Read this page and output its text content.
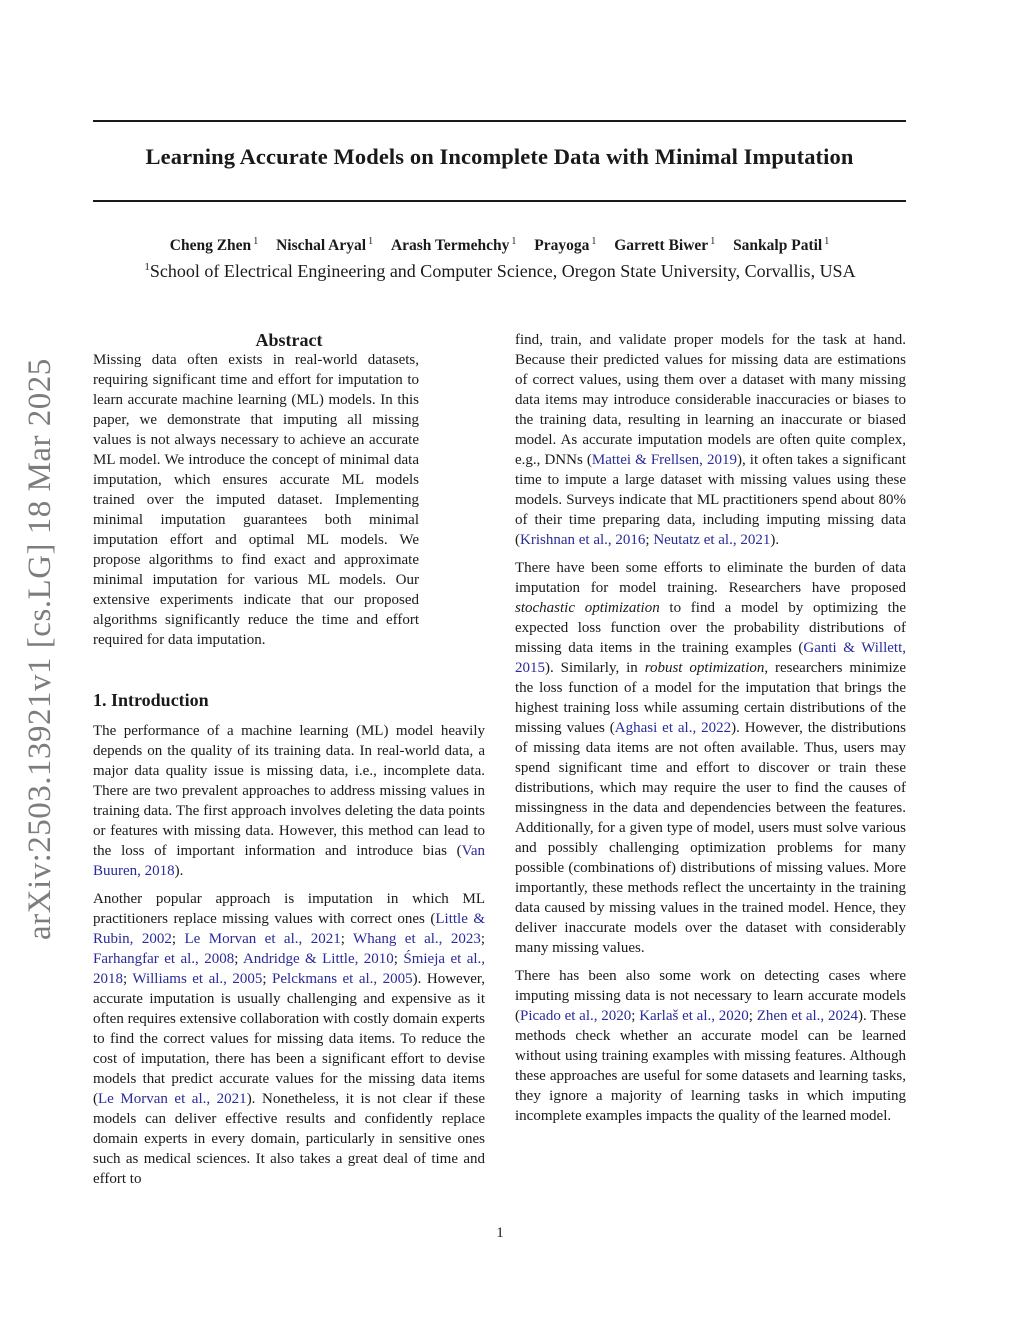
Learning Accurate Models on Incomplete Data with Minimal Imputation
Cheng Zhen $^1$ Nischal Aryal $^1$ Arash Termehchy $^1$ Prayoga $^1$ Garrett Biwer $^1$ Sankalp Patil $^1$
$^1$School of Electrical Engineering and Computer Science, Oregon State University, Corvallis, USA
arXiv:2503.13921v1 [cs.LG] 18 Mar 2025
Abstract

Missing data often exists in real-world datasets, requiring significant time and effort for imputation to learn accurate machine learning (ML) models. In this paper, we demonstrate that imputing all missing values is not always necessary to achieve an accurate ML model. We introduce the concept of minimal data imputation, which ensures accurate ML models trained over the imputed dataset. Implementing minimal imputation guarantees both minimal imputation effort and optimal ML models. We propose algorithms to find exact and approximate minimal imputation for various ML models. Our extensive experiments indicate that our proposed algorithms significantly reduce the time and effort required for data imputation.

1. Introduction

The performance of a machine learning (ML) model heavily depends on the quality of its training data. In real-world data, a major data quality issue is missing data, i.e., incomplete data. There are two prevalent approaches to address missing values in training data. The first approach involves deleting the data points or features with missing data. However, this method can lead to the loss of important information and introduce bias (Van Buuren, 2018).

Another popular approach is imputation in which ML practitioners replace missing values with correct ones (Little & Rubin, 2002; Le Morvan et al., 2021; Whang et al., 2023; Farhangfar et al., 2008; Andridge & Little, 2010; Śmieja et al., 2018; Williams et al., 2005; Pelckmans et al., 2005). However, accurate imputation is usually challenging and expensive as it often requires extensive collaboration with costly domain experts to find the correct values for missing data items. To reduce the cost of imputation, there has been a significant effort to devise models that predict accurate values for the missing data items (Le Morvan et al., 2021). Nonetheless, it is not clear if these models can deliver effective results and confidently replace domain experts in every domain, particularly in sensitive ones such as medical sciences. It also takes a great deal of time and effort to

find, train, and validate proper models for the task at hand. Because their predicted values for missing data are estimations of correct values, using them over a dataset with many missing data items may introduce considerable inaccuracies or biases to the training data, resulting in learning an inaccurate or biased model. As accurate imputation models are often quite complex, e.g., DNNs (Mattei & Frellsen, 2019), it often takes a significant time to impute a large dataset with missing values using these models. Surveys indicate that ML practitioners spend about 80% of their time preparing data, including imputing missing data (Krishnan et al., 2016; Neutatz et al., 2021).

There have been some efforts to eliminate the burden of data imputation for model training. Researchers have proposed stochastic optimization to find a model by optimizing the expected loss function over the probability distributions of missing data items in the training examples (Ganti & Willett, 2015). Similarly, in robust optimization, researchers minimize the loss function of a model for the imputation that brings the highest training loss while assuming certain distributions of the missing values (Aghasi et al., 2022). However, the distributions of missing data items are not often available. Thus, users may spend significant time and effort to discover or train these distributions, which may require the user to find the causes of missingness in the data and dependencies between the features. Additionally, for a given type of model, users must solve various and possibly challenging optimization problems for many possible (combinations of) distributions of missing values. More importantly, these methods reflect the uncertainty in the training data caused by missing values in the trained model. Hence, they deliver inaccurate models over the dataset with considerably many missing values.

There has been also some work on detecting cases where imputing missing data is not necessary to learn accurate models (Picado et al., 2020; Karlaš et al., 2020; Zhen et al., 2024). These methods check whether an accurate model can be learned without using training examples with missing features. Although these approaches are useful for some datasets and learning tasks, they ignore a majority of learning tasks in which imputing incomplete examples impacts the quality of the learned model.

1
